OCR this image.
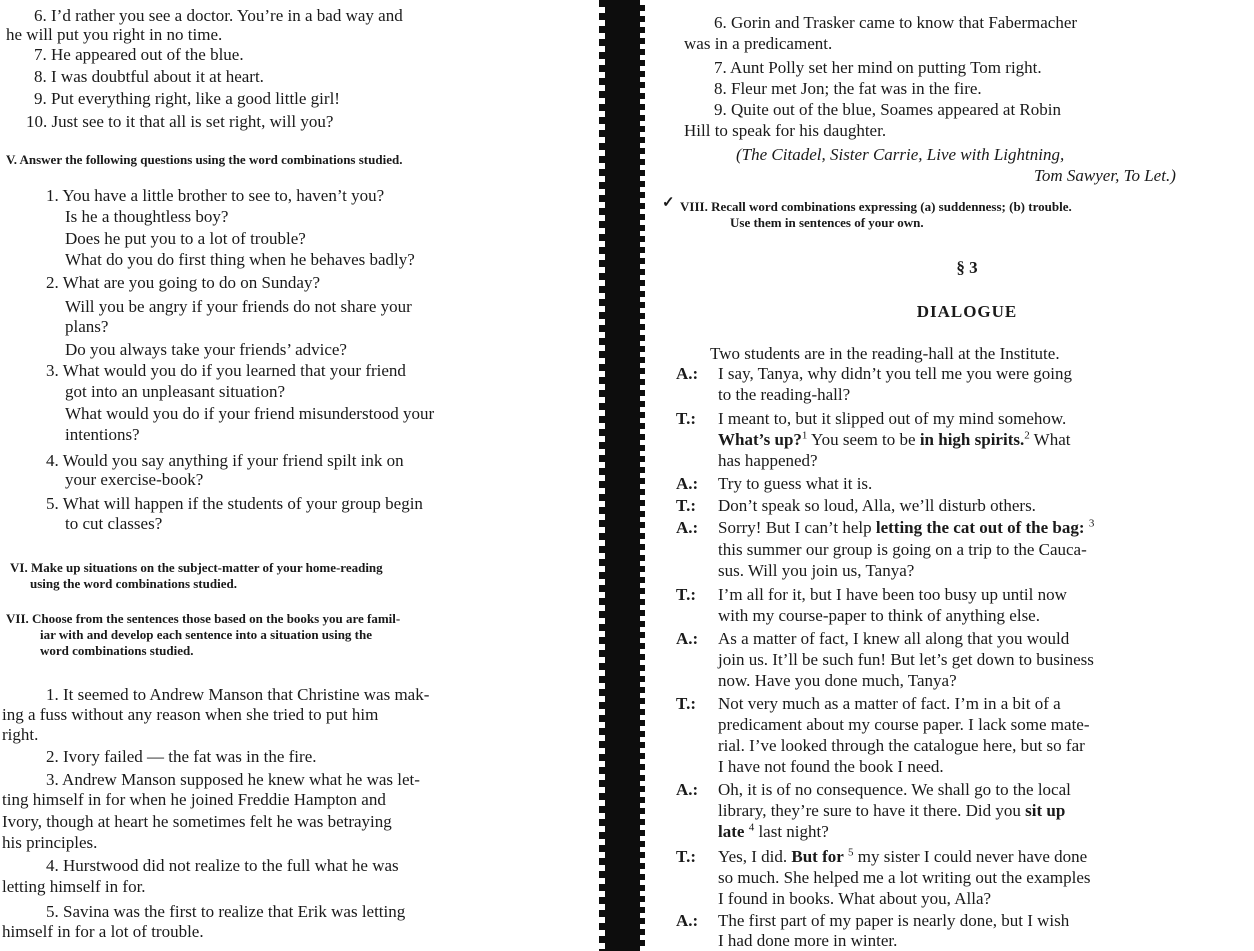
6. I’d rather you see a doctor. You’re in a bad way and
he will put you right in no time.
7. He appeared out of the blue.
8. I was doubtful about it at heart.
9. Put everything right, like a good little girl!
10. Just see to it that all is set right, will you?
V. Answer the following questions using the word combinations studied.
1. You have a little brother to see to, haven’t you?
Is he a thoughtless boy?
Does he put you to a lot of trouble?
What do you do first thing when he behaves badly?
2. What are you going to do on Sunday?
Will you be angry if your friends do not share your
plans?
Do you always take your friends’ advice?
3. What would you do if you learned that your friend
got into an unpleasant situation?
What would you do if your friend misunderstood your
intentions?
4. Would you say anything if your friend spilt ink on
your exercise-book?
5. What will happen if the students of your group begin
to cut classes?
VI. Make up situations on the subject-matter of your home-reading
using the word combinations studied.
VII. Choose from the sentences those based on the books you are famil-
iar with and develop each sentence into a situation using the
word combinations studied.
1. It seemed to Andrew Manson that Christine was mak-
ing a fuss without any reason when she tried to put him
right.
2. Ivory failed — the fat was in the fire.
3. Andrew Manson supposed he knew what he was let-
ting himself in for when he joined Freddie Hampton and
Ivory, though at heart he sometimes felt he was betraying
his principles.
4. Hurstwood did not realize to the full what he was
letting himself in for.
5. Savina was the first to realize that Erik was letting
himself in for a lot of trouble.
6. Gorin and Trasker came to know that Fabermacher
was in a predicament.
7. Aunt Polly set her mind on putting Tom right.
8. Fleur met Jon; the fat was in the fire.
9. Quite out of the blue, Soames appeared at Robin
Hill to speak for his daughter.
(The Citadel, Sister Carrie, Live with Lightning,
Tom Sawyer, To Let.)
✓ VIII. Recall word combinations expressing (a) suddenness; (b) trouble.
Use them in sentences of your own.
§ 3
DIALOGUE
Two students are in the reading-hall at the Institute.
A.: I say, Tanya, why didn’t you tell me you were going
to the reading-hall?
T.: I meant to, but it slipped out of my mind somehow.
What’s up?$^1$ You seem to be in high spirits.$^2$ What
has happened?
A.: Try to guess what it is.
T.: Don’t speak so loud, Alla, we’ll disturb others.
A.: Sorry! But I can’t help letting the cat out of the bag: $^3$
this summer our group is going on a trip to the Cauca-
sus. Will you join us, Tanya?
T.: I’m all for it, but I have been too busy up until now
with my course-paper to think of anything else.
A.: As a matter of fact, I knew all along that you would
join us. It’ll be such fun! But let’s get down to business
now. Have you done much, Tanya?
T.: Not very much as a matter of fact. I’m in a bit of a
predicament about my course paper. I lack some mate-
rial. I’ve looked through the catalogue here, but so far
I have not found the book I need.
A.: Oh, it is of no consequence. We shall go to the local
library, they’re sure to have it there. Did you sit up
late $^4$ last night?
T.: Yes, I did. But for $^5$ my sister I could never have done
so much. She helped me a lot writing out the examples
I found in books. What about you, Alla?
A.: The first part of my paper is nearly done, but I wish
I had done more in winter.
